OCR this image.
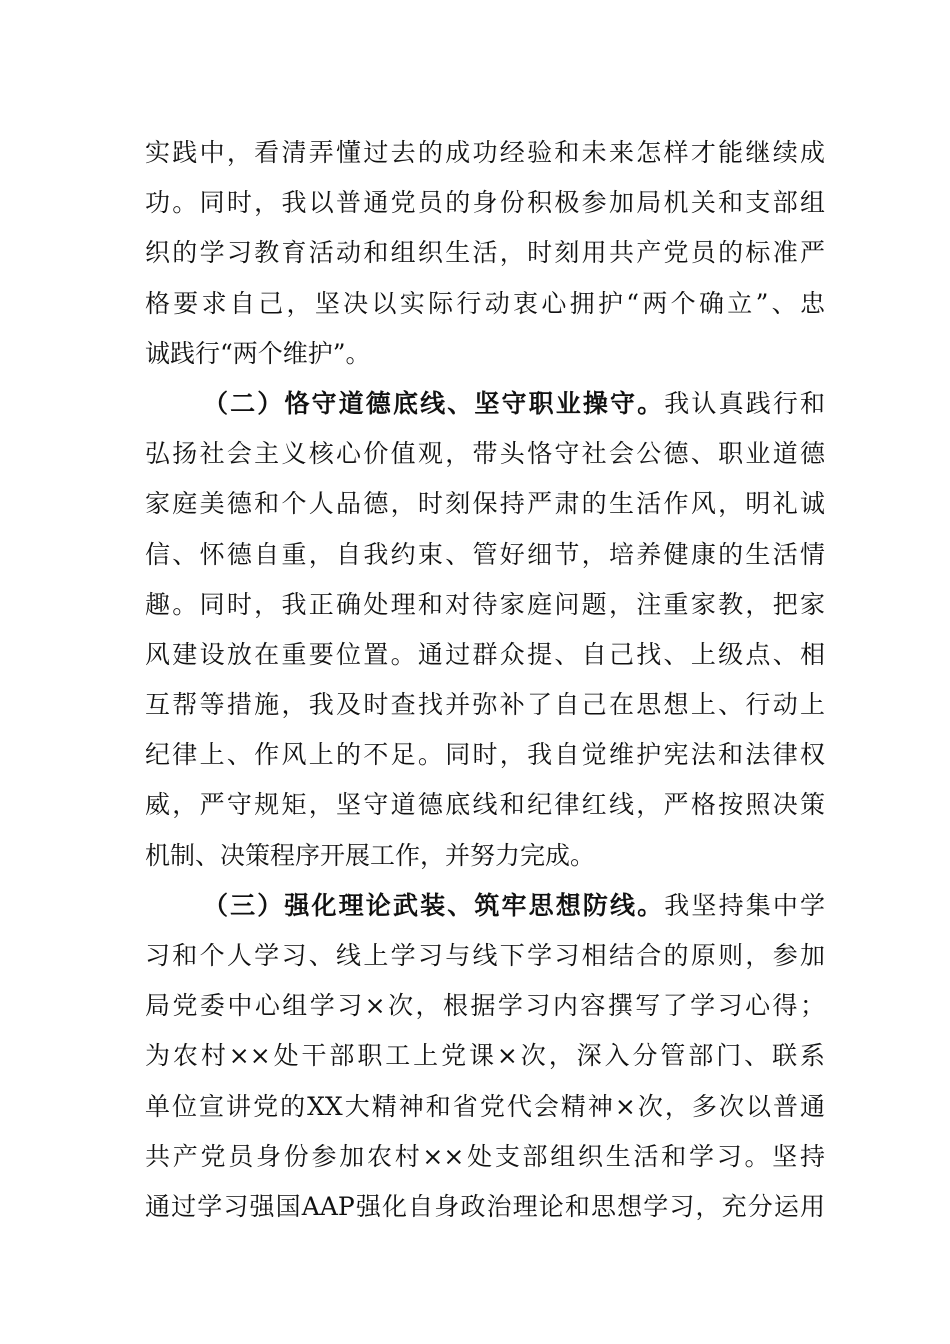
实践中，看清弄懂过去的成功经验和未来怎样才能继续成
功。同时，我以普通党员的身份积极参加局机关和支部组
织的学习教育活动和组织生活，时刻用共产党员的标准严
格要求自己，坚决以实际行动衷心拥护“两个确立”、忠
诚践行“两个维护”。
（二）恪守道德底线、坚守职业操守。我认真践行和
弘扬社会主义核心价值观，带头恪守社会公德、职业道德
家庭美德和个人品德，时刻保持严肃的生活作风，明礼诚
信、怀德自重，自我约束、管好细节，培养健康的生活情
趣。同时，我正确处理和对待家庭问题，注重家教，把家
风建设放在重要位置。通过群众提、自己找、上级点、相
互帮等措施，我及时查找并弥补了自己在思想上、行动上
纪律上、作风上的不足。同时，我自觉维护宪法和法律权
威，严守规矩，坚守道德底线和纪律红线，严格按照决策
机制、决策程序开展工作，并努力完成。
（三）强化理论武装、筑牢思想防线。我坚持集中学
习和个人学习、线上学习与线下学习相结合的原则，参加
局党委中心组学习×次，根据学习内容撰写了学习心得；
为农村××处干部职工上党课×次，深入分管部门、联系
单位宣讲党的XX大精神和省党代会精神×次，多次以普通
共产党员身份参加农村××处支部组织生活和学习。坚持
通过学习强国AAP强化自身政治理论和思想学习，充分运用
